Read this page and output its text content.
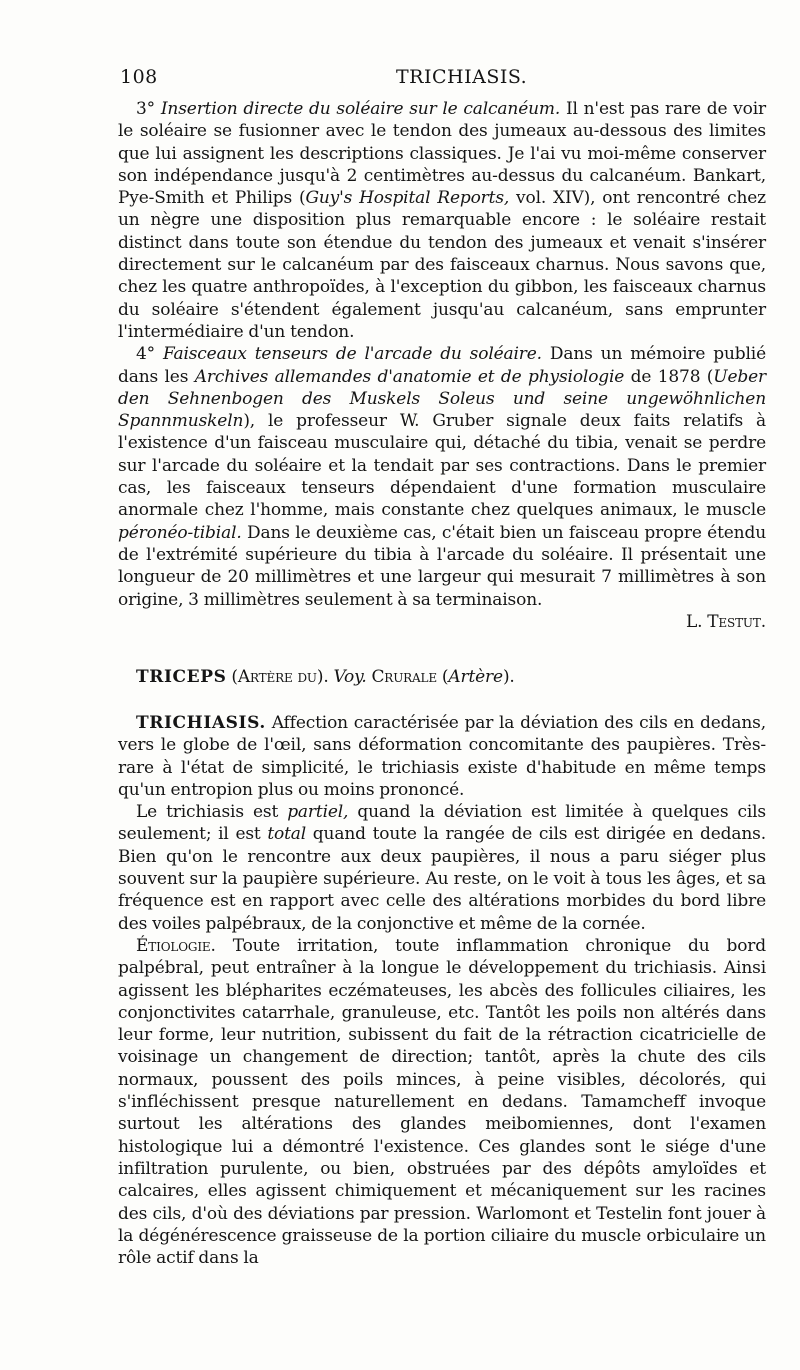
108	TRICHIASIS.

3° Insertion directe du soléaire sur le calcanéum. Il n'est pas rare de voir le soléaire se fusionner avec le tendon des jumeaux au-dessous des limites que lui assignent les descriptions classiques. Je l'ai vu moi-même conserver son indépendance jusqu'à 2 centimètres au-dessus du calcanéum. Bankart, Pye-Smith et Philips (Guy's Hospital Reports, vol. XIV), ont rencontré chez un nègre une disposition plus remarquable encore : le soléaire restait distinct dans toute son étendue du tendon des jumeaux et venait s'insérer directement sur le calcanéum par des faisceaux charnus. Nous savons que, chez les quatre anthropoïdes, à l'exception du gibbon, les faisceaux charnus du soléaire s'étendent également jusqu'au calcanéum, sans emprunter l'intermédiaire d'un tendon.

4° Faisceaux tenseurs de l'arcade du soléaire. Dans un mémoire publié dans les Archives allemandes d'anatomie et de physiologie de 1878 (Ueber den Sehnenbogen des Muskels Soleus und seine ungewöhnlichen Spannmuskeln), le professeur W. Gruber signale deux faits relatifs à l'existence d'un faisceau musculaire qui, détaché du tibia, venait se perdre sur l'arcade du soléaire et la tendait par ses contractions. Dans le premier cas, les faisceaux tenseurs dépendaient d'une formation musculaire anormale chez l'homme, mais constante chez quelques animaux, le muscle péronéo-tibial. Dans le deuxième cas, c'était bien un faisceau propre étendu de l'extrémité supérieure du tibia à l'arcade du soléaire. Il présentait une longueur de 20 millimètres et une largeur qui mesurait 7 millimètres à son origine, 3 millimètres seulement à sa terminaison.

L. Testut.

TRICEPS (Artère du). Voy. Crurale (Artère).

TRICHIASIS. Affection caractérisée par la déviation des cils en dedans, vers le globe de l'œil, sans déformation concomitante des paupières. Très-rare à l'état de simplicité, le trichiasis existe d'habitude en même temps qu'un entropion plus ou moins prononcé.

Le trichiasis est partiel, quand la déviation est limitée à quelques cils seulement; il est total quand toute la rangée de cils est dirigée en dedans. Bien qu'on le rencontre aux deux paupières, il nous a paru siéger plus souvent sur la paupière supérieure. Au reste, on le voit à tous les âges, et sa fréquence est en rapport avec celle des altérations morbides du bord libre des voiles palpébraux, de la conjonctive et même de la cornée.

Étiologie. Toute irritation, toute inflammation chronique du bord palpébral, peut entraîner à la longue le développement du trichiasis. Ainsi agissent les blépharites eczémateuses, les abcès des follicules ciliaires, les conjonctivites catarrhale, granuleuse, etc. Tantôt les poils non altérés dans leur forme, leur nutrition, subissent du fait de la rétraction cicatricielle de voisinage un changement de direction; tantôt, après la chute des cils normaux, poussent des poils minces, à peine visibles, décolorés, qui s'infléchissent presque naturellement en dedans. Tamamcheff invoque surtout les altérations des glandes meibomiennes, dont l'examen histologique lui a démontré l'existence. Ces glandes sont le siége d'une infiltration purulente, ou bien, obstruées par des dépôts amyloïdes et calcaires, elles agissent chimiquement et mécaniquement sur les racines des cils, d'où des déviations par pression. Warlomont et Testelin font jouer à la dégénérescence graisseuse de la portion ciliaire du muscle orbiculaire un rôle actif dans la
